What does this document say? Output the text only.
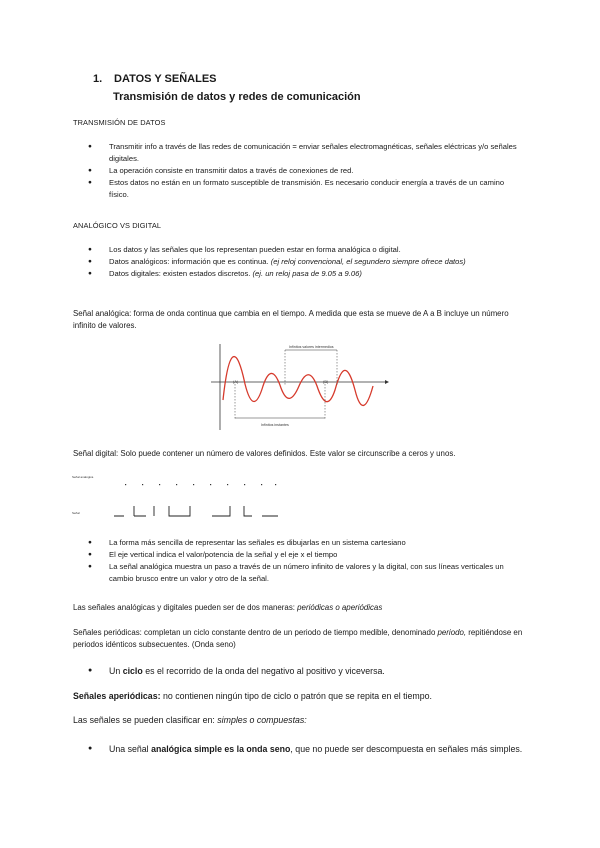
1. DATOS Y SEÑALES
Transmisión de datos y redes de comunicación
TRANSMISIÓN DE DATOS
● Transmitir info a través de llas redes de comunicación = enviar señales electromagnéticas, señales eléctricas y/o señales digitales.
● La operación consiste en transmitir datos a través de conexiones de red.
● Estos datos no están en un formato susceptible de transmisión. Es necesario conducir energía a través de un camino físico.
ANALÓGICO VS DIGITAL
● Los datos y las señales que los representan pueden estar en forma analógica o digital.
● Datos analógicos: información que es continua. (ej reloj convencional, el segundero siempre ofrece datos)
● Datos digitales: existen estados discretos. (ej. un reloj pasa de 9.05 a 9.06)
Señal analógica: forma de onda continua que cambia en el tiempo. A medida que esta se mueve de A a B incluye un número infinito de valores.
Infinitos valores intermedios
(A)	(B)
Infinitos instantes
Señal digital: Solo puede contener un número de valores definidos. Este valor se circunscribe a ceros y unos.
Señal analógica
Señal
● La forma más sencilla de representar las señales es dibujarlas en un sistema cartesiano
● El eje vertical indica el valor/potencia de la señal y el eje x el tiempo
● La señal analógica muestra un paso a través de un número infinito de valores y la digital, con sus líneas verticales un cambio brusco entre un valor y otro de la señal.
Las señales analógicas y digitales pueden ser de dos maneras: periódicas o aperiódicas
Señales periódicas: completan un ciclo constante dentro de un periodo de tiempo medible, denominado periodo, repitiéndose en periodos idénticos subsecuentes. (Onda seno)
● Un ciclo es el recorrido de la onda del negativo al positivo y viceversa.
Señales aperiódicas: no contienen ningún tipo de ciclo o patrón que se repita en el tiempo.
Las señales se pueden clasificar en: simples o compuestas:
● Una señal analógica simple es la onda seno, que no puede ser descompuesta en señales más simples.
